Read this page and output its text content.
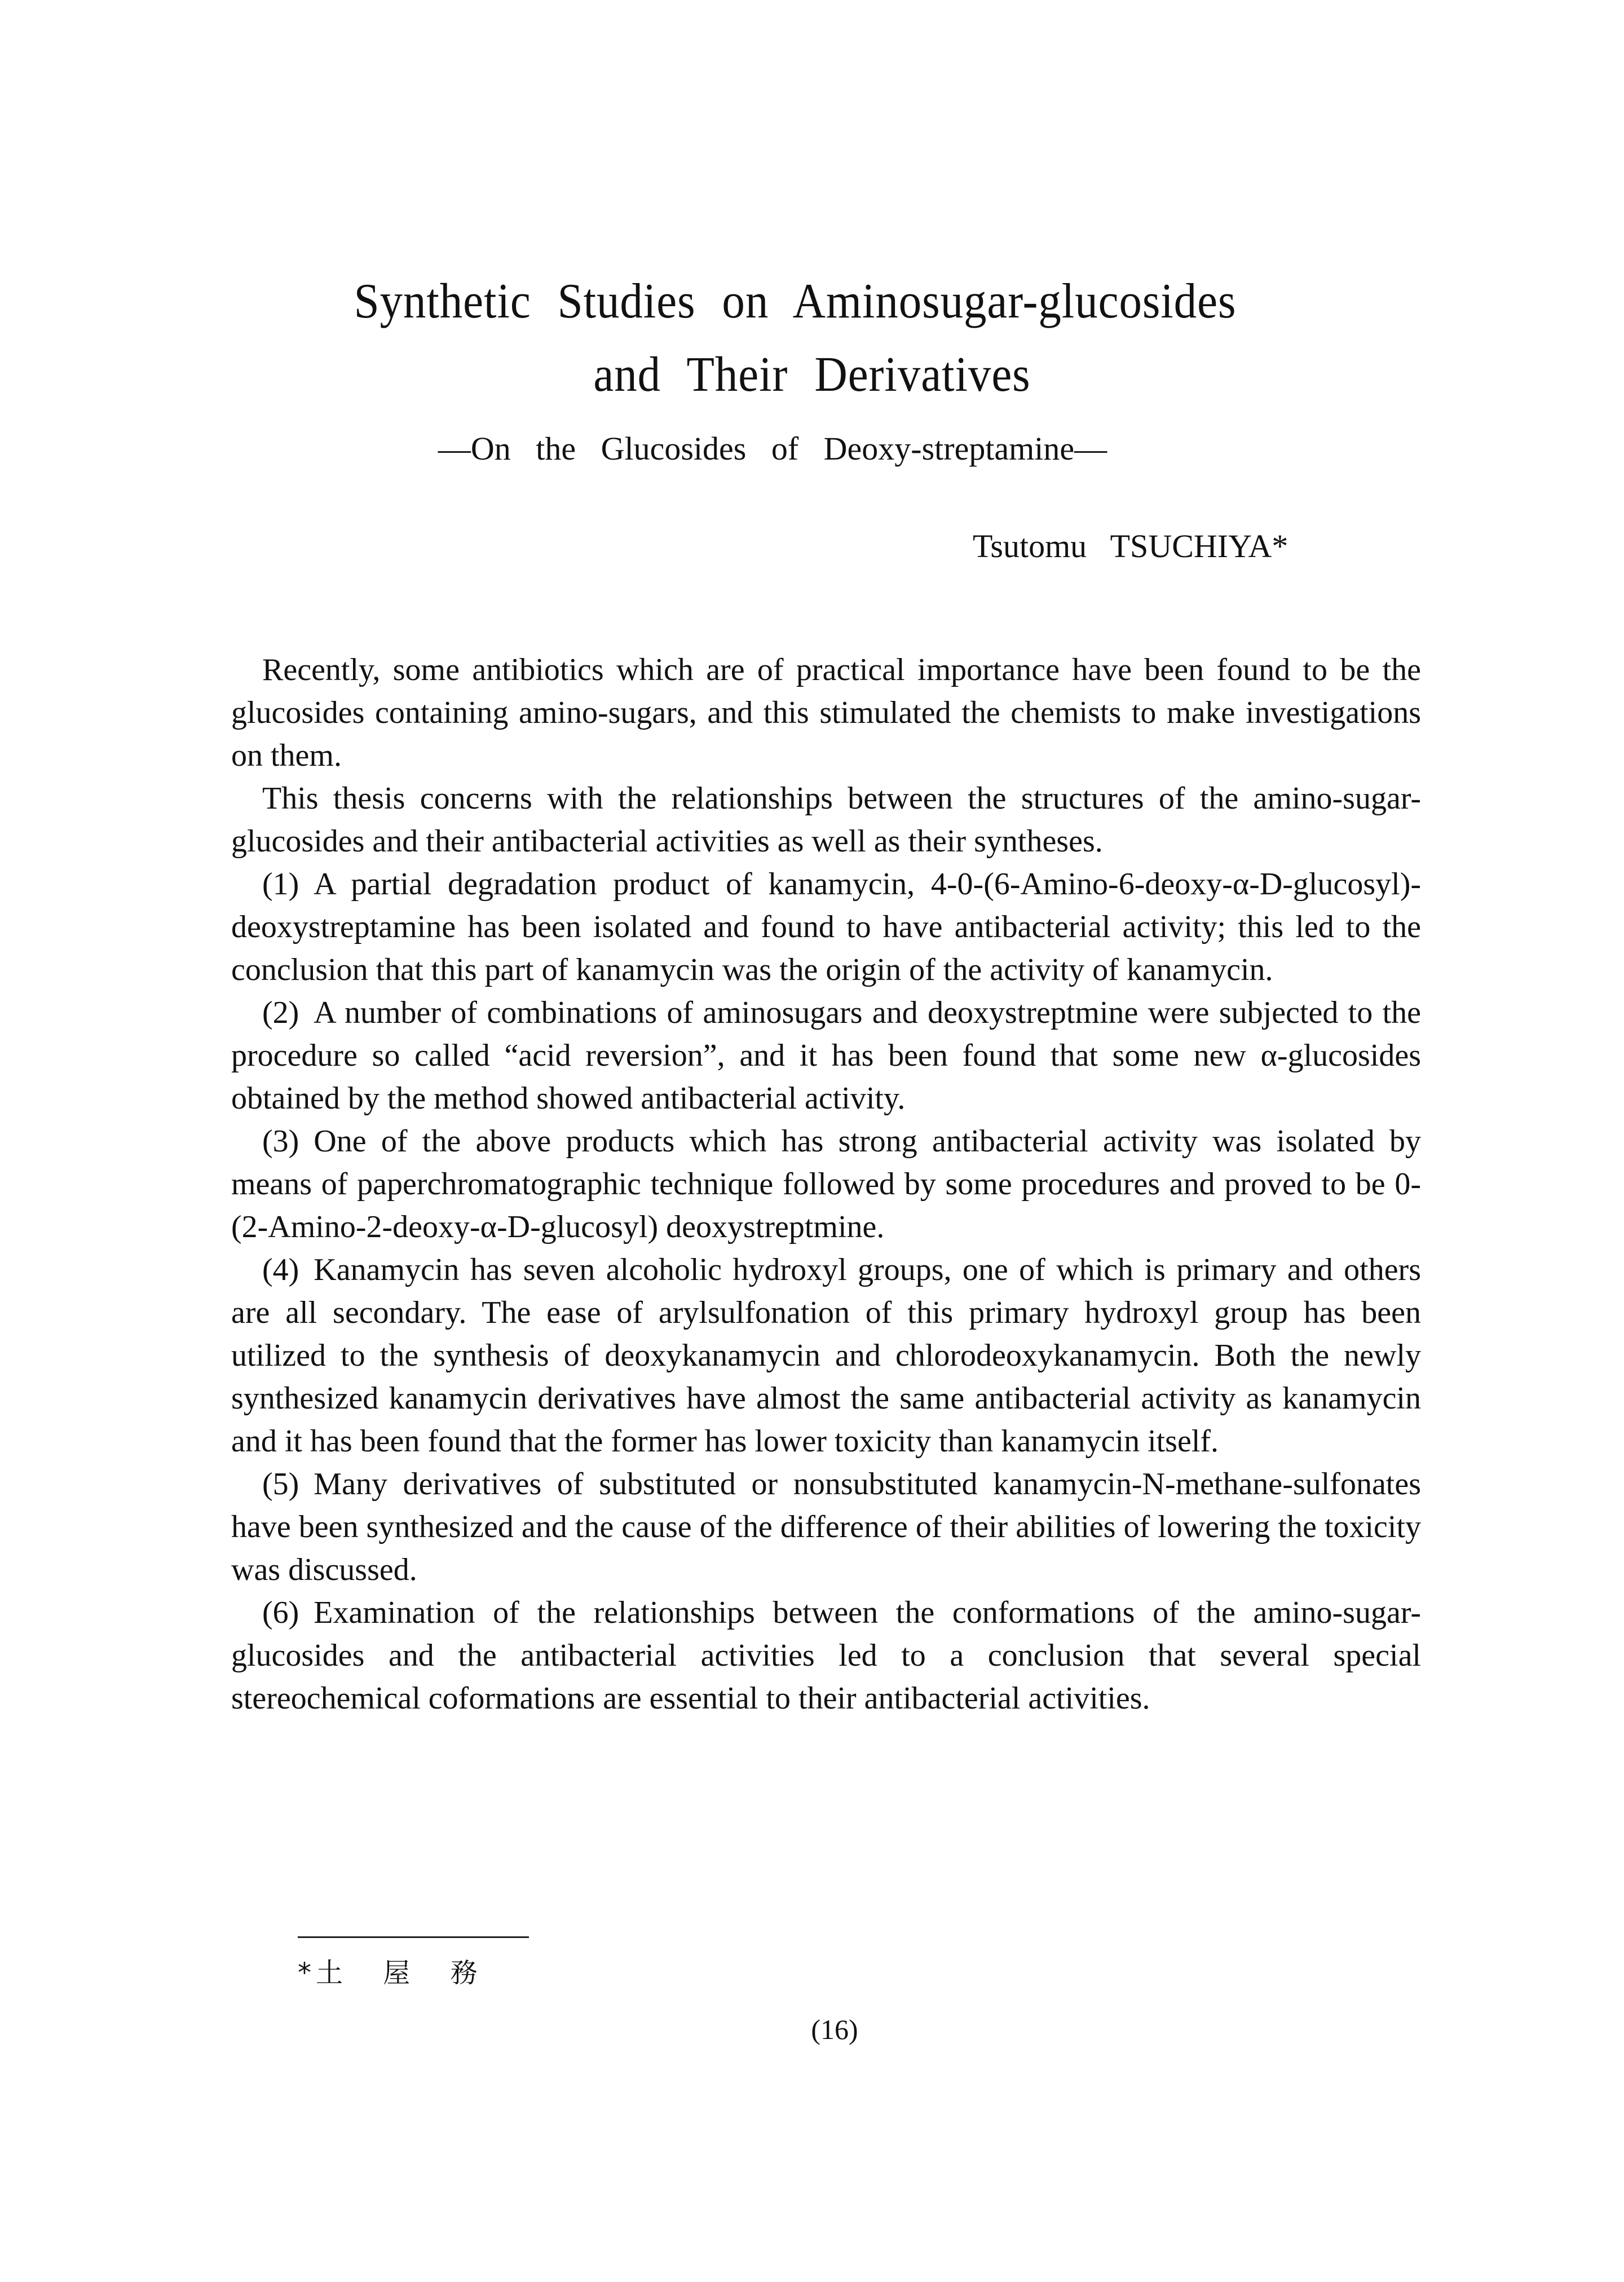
Synthetic Studies on Aminosugar-glucosides
and Their Derivatives
—On the Glucosides of Deoxy-streptamine—
Tsutomu TSUCHIYA*

Recently, some antibiotics which are of practical importance have been found to be the glucosides containing amino-sugars, and this stimulated the chemists to make investigations on them.

This thesis concerns with the relationships between the structures of the amino-sugar-glucosides and their antibacterial activities as well as their syntheses.

(1) A partial degradation product of kanamycin, 4-0-(6-Amino-6-deoxy-α-D-glucosyl)-deoxystreptamine has been isolated and found to have antibacterial activity; this led to the conclusion that this part of kanamycin was the origin of the activity of kanamycin.

(2) A number of combinations of aminosugars and deoxystreptmine were subjected to the procedure so called “acid reversion”, and it has been found that some new α-glucosides obtained by the method showed antibacterial activity.

(3) One of the above products which has strong antibacterial activity was isolated by means of paperchromatographic technique followed by some procedures and proved to be 0-(2-Amino-2-deoxy-α-D-glucosyl) deoxystreptmine.

(4) Kanamycin has seven alcoholic hydroxyl groups, one of which is primary and others are all secondary. The ease of arylsulfonation of this primary hydroxyl group has been utilized to the synthesis of deoxykanamycin and chlorodeoxykanamycin. Both the newly synthesized kanamycin derivatives have almost the same antibacterial activity as kanamycin and it has been found that the former has lower toxicity than kanamycin itself.

(5) Many derivatives of substituted or nonsubstituted kanamycin-N-methane-sulfonates have been synthesized and the cause of the difference of their abilities of lowering the toxicity was discussed.

(6) Examination of the relationships between the conformations of the amino-sugar-glucosides and the antibacterial activities led to a conclusion that several special stereochemical coformations are essential to their antibacterial activities.

*土 屋 務
(16)
